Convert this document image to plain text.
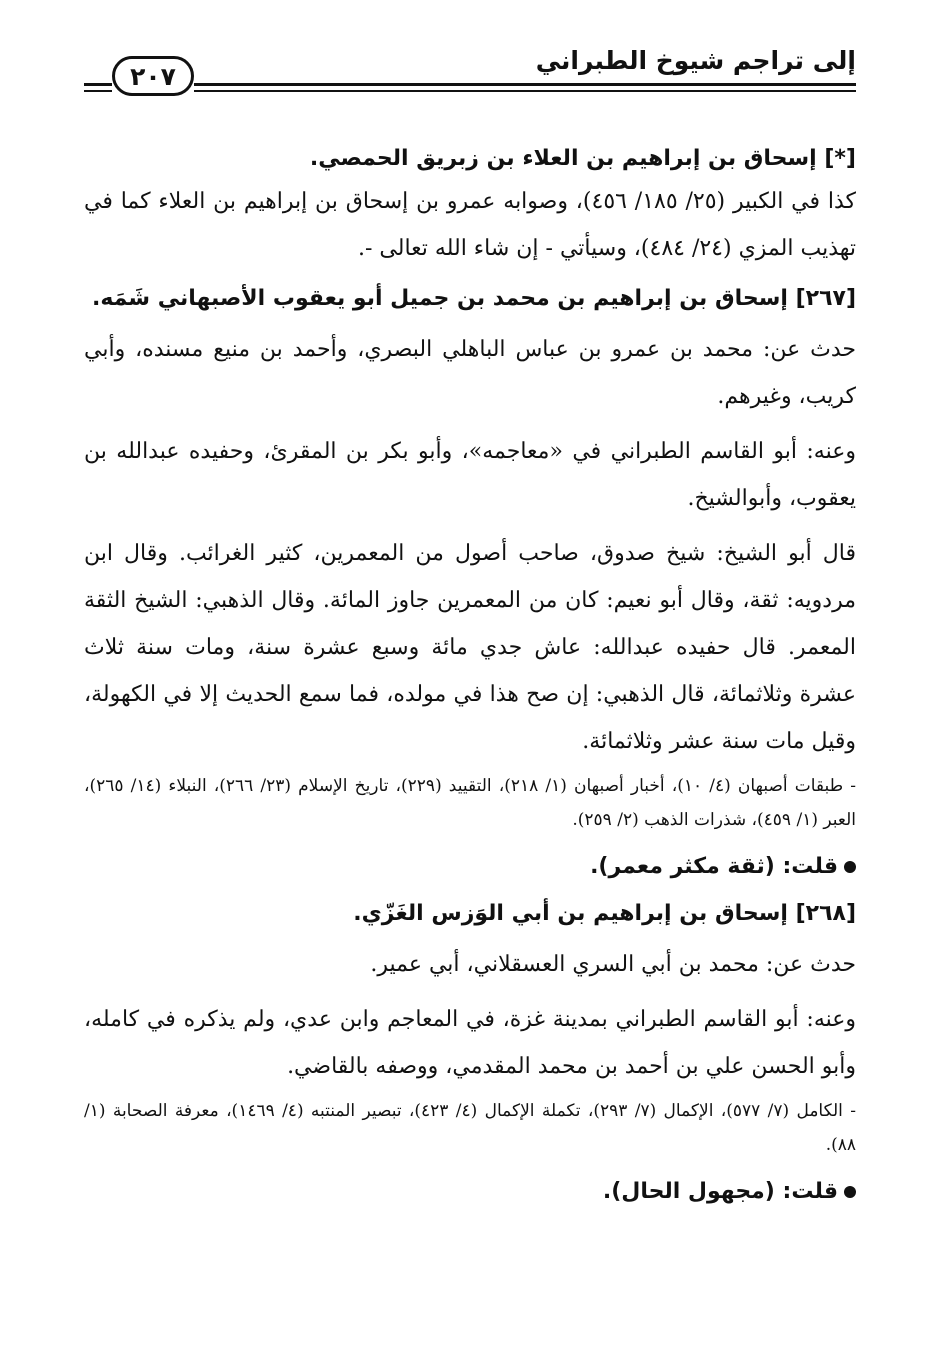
إلى تراجم شيوخ الطبراني
٢٠٧

[*] إسحاق بن إبراهيم بن العلاء بن زبريق الحمصي.

كذا في الكبير (٢٥/ ١٨٥/ ٤٥٦)، وصوابه عمرو بن إسحاق بن إبراهيم بن العلاء كما في تهذيب المزي (٢٤/ ٤٨٤)، وسيأتي - إن شاء الله تعالى -.

[٢٦٧] إسحاق بن إبراهيم بن محمد بن جميل أبو يعقوب الأصبهاني شَمَه.

حدث عن: محمد بن عمرو بن عباس الباهلي البصري، وأحمد بن منيع مسنده، وأبي كريب، وغيرهم.

وعنه: أبو القاسم الطبراني في «معاجمه»، وأبو بكر بن المقرئ، وحفيده عبدالله بن يعقوب، وأبوالشيخ.

قال أبو الشيخ: شيخ صدوق، صاحب أصول من المعمرين، كثير الغرائب. وقال ابن مردويه: ثقة، وقال أبو نعيم: كان من المعمرين جاوز المائة. وقال الذهبي: الشيخ الثقة المعمر. قال حفيده عبدالله: عاش جدي مائة وسبع عشرة سنة، ومات سنة ثلاث عشرة وثلاثمائة، قال الذهبي: إن صح هذا في مولده، فما سمع الحديث إلا في الكهولة، وقيل مات سنة عشر وثلاثمائة.

- طبقات أصبهان (٤/ ١٠)، أخبار أصبهان (١/ ٢١٨)، التقييد (٢٢٩)، تاريخ الإسلام (٢٣/ ٢٦٦)، النبلاء (١٤/ ٢٦٥)، العبر (١/ ٤٥٩)، شذرات الذهب (٢/ ٢٥٩).

قلت: (ثقة مكثر معمر).

[٢٦٨] إسحاق بن إبراهيم بن أبي الوَزس الغَزّي.

حدث عن: محمد بن أبي السري العسقلاني، أبي عمير.

وعنه: أبو القاسم الطبراني بمدينة غزة، في المعاجم وابن عدي، ولم يذكره في كامله، وأبو الحسن علي بن أحمد بن محمد المقدمي، ووصفه بالقاضي.

- الكامل (٧/ ٥٧٧)، الإكمال (٧/ ٢٩٣)، تكملة الإكمال (٤/ ٤٢٣)، تبصير المنتبه (٤/ ١٤٦٩)، معرفة الصحابة (١/ ٨٨).

قلت: (مجهول الحال).
